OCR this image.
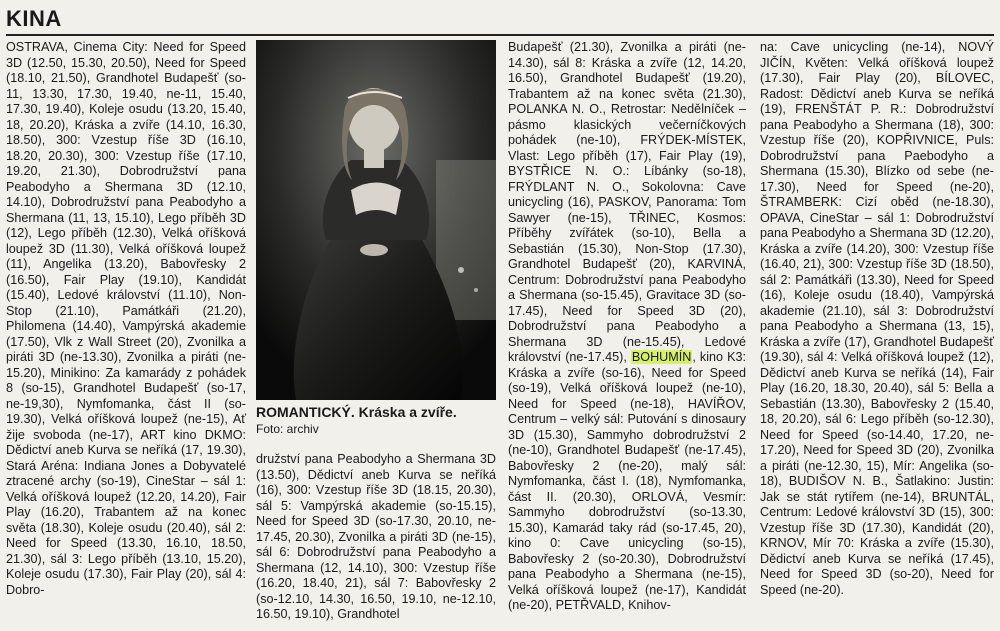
KINA

OSTRAVA, Cinema City: Need for Speed 3D (12.50, 15.30, 20.50), Need for Speed (18.10, 21.50), Grandhotel Budapešť (so-11, 13.30, 17.30, 19.40, ne-11, 15.40, 17.30, 19.40), Koleje osudu (13.20, 15.40, 18, 20.20), Kráska a zvíře (14.10, 16.30, 18.50), 300: Vzestup říše 3D (16.10, 18.20, 20.30), 300: Vzestup říše (17.10, 19.20, 21.30), Dobrodružství pana Peabodyho a Shermana 3D (12.10, 14.10), Dobrodružství pana Peabodyho a Shermana (11, 13, 15.10), Lego příběh 3D (12), Lego příběh (12.30), Velká oříšková loupež 3D (11.30), Velká oříšková loupež (11), Angelika (13.20), Babovřesky 2 (16.50), Fair Play (19.10), Kandidát (15.40), Ledové království (11.10), Non-Stop (21.10), Památkáři (21.20), Philomena (14.40), Vampýrská akademie (17.50), Vlk z Wall Street (20), Zvonilka a piráti 3D (ne-13.30), Zvonilka a piráti (ne-15.20), Minikino: Za kamarády z pohádek 8 (so-15), Grandhotel Budapešť (so-17, ne-19,30), Nymfomanka, část II (so-19.30), Velká oříšková loupež (ne-15), Ať žije svoboda (ne-17), ART kino DKMO: Dědictví aneb Kurva se neříká (17, 19.30), Stará Aréna: Indiana Jones a Dobyvatelé ztracené archy (so-19), CineStar – sál 1: Velká oříšková loupež (12.20, 14.20), Fair Play (16.20), Trabantem až na konec světa (18.30), Koleje osudu (20.40), sál 2: Need for Speed (13.30, 16.10, 18.50, 21.30), sál 3: Lego příběh (13.10, 15.20), Koleje osudu (17.30), Fair Play (20), sál 4: Dobro-

ROMANTICKÝ. Kráska a zvíře.
Foto: archiv

družství pana Peabodyho a Shermana 3D (13.50), Dědictví aneb Kurva se neříká (16), 300: Vzestup říše 3D (18.15, 20.30), sál 5: Vampýrská akademie (so-15.15), Need for Speed 3D (so-17.30, 20.10, ne-17.45, 20.30), Zvonilka a piráti 3D (ne-15), sál 6: Dobrodružství pana Peabodyho a Shermana (12, 14.10), 300: Vzestup říše (16.20, 18.40, 21), sál 7: Babovřesky 2 (so-12.10, 14.30, 16.50, 19.10, ne-12.10, 16.50, 19.10), Grandhotel

Budapešť (21.30), Zvonilka a piráti (ne-14.30), sál 8: Kráska a zvíře (12, 14.20, 16.50), Grandhotel Budapešť (19.20), Trabantem až na konec světa (21.30), POLANKA N. O., Retrostar: Nedělníček – pásmo klasických večerníčkových pohádek (ne-10), FRÝDEK-MÍSTEK, Vlast: Lego příběh (17), Fair Play (19), BYSTŘICE N. O.: Líbánky (so-18), FRÝDLANT N. O., Sokolovna: Cave unicycling (16), PASKOV, Panorama: Tom Sawyer (ne-15), TŘINEC, Kosmos: Příběhy zvířátek (so-10), Bella a Sebastián (15.30), Non-Stop (17.30), Grandhotel Budapešť (20), KARVINÁ, Centrum: Dobrodružství pana Peabodyho a Shermana (so-15.45), Gravitace 3D (so-17.45), Need for Speed 3D (20), Dobrodružství pana Peabodyho a Shermana 3D (ne-15.45), Ledové království (ne-17.45), BOHUMÍN, kino K3: Kráska a zvíře (so-16), Need for Speed (so-19), Velká oříšková loupež (ne-10), Need for Speed (ne-18), HAVÍŘOV, Centrum – velký sál: Putování s dinosaury 3D (15.30), Sammyho dobrodružství 2 (ne-10), Grandhotel Budapešť (ne-17.45), Babovřesky 2 (ne-20), malý sál: Nymfomanka, část I. (18), Nymfomanka, část II. (20.30), ORLOVÁ, Vesmír: Sammyho dobrodružství (so-13.30, 15.30), Kamarád taky rád (so-17.45, 20), kino 0: Cave unicycling (so-15), Babovřesky 2 (so-20.30), Dobrodružství pana Peabodyho a Shermana (ne-15), Velká oříšková loupež (ne-17), Kandidát (ne-20), PETŘVALD, Knihov-

na: Cave unicycling (ne-14), NOVÝ JIČÍN, Květen: Velká oříšková loupež (17.30), Fair Play (20), BÍLOVEC, Radost: Dědictví aneb Kurva se neříká (19), FRENŠTÁT P. R.: Dobrodružství pana Peabodyho a Shermana (18), 300: Vzestup říše (20), KOPŘIVNICE, Puls: Dobrodružství pana Paebodyho a Shermana (15.30), Blízko od sebe (ne-17.30), Need for Speed (ne-20), ŠTRAMBERK: Cizí oběd (ne-18.30), OPAVA, CineStar – sál 1: Dobrodružství pana Peabodyho a Shermana 3D (12.20), Kráska a zvíře (14.20), 300: Vzestup říše (16.40, 21), 300: Vzestup říše 3D (18.50), sál 2: Památkáři (13.30), Need for Speed (16), Koleje osudu (18.40), Vampýrská akademie (21.10), sál 3: Dobrodružství pana Peabodyho a Shermana (13, 15), Kráska a zvíře (17), Grandhotel Budapešť (19.30), sál 4: Velká oříšková loupež (12), Dědictví aneb Kurva se neříká (14), Fair Play (16.20, 18.30, 20.40), sál 5: Bella a Sebastián (13.30), Babovřesky 2 (15.40, 18, 20.20), sál 6: Lego příběh (so-12.30), Need for Speed (so-14.40, 17.20, ne-17.20), Need for Speed 3D (20), Zvonilka a piráti (ne-12.30, 15), Mír: Angelika (so-18), BUDIŠOV N. B., Šatlakino: Justin: Jak se stát rytířem (ne-14), BRUNTÁL, Centrum: Ledové království 3D (15), 300: Vzestup říše 3D (17.30), Kandidát (20), KRNOV, Mír 70: Kráska a zvíře (15.30), Dědictví aneb Kurva se neříká (17.45), Need for Speed 3D (so-20), Need for Speed (ne-20).
